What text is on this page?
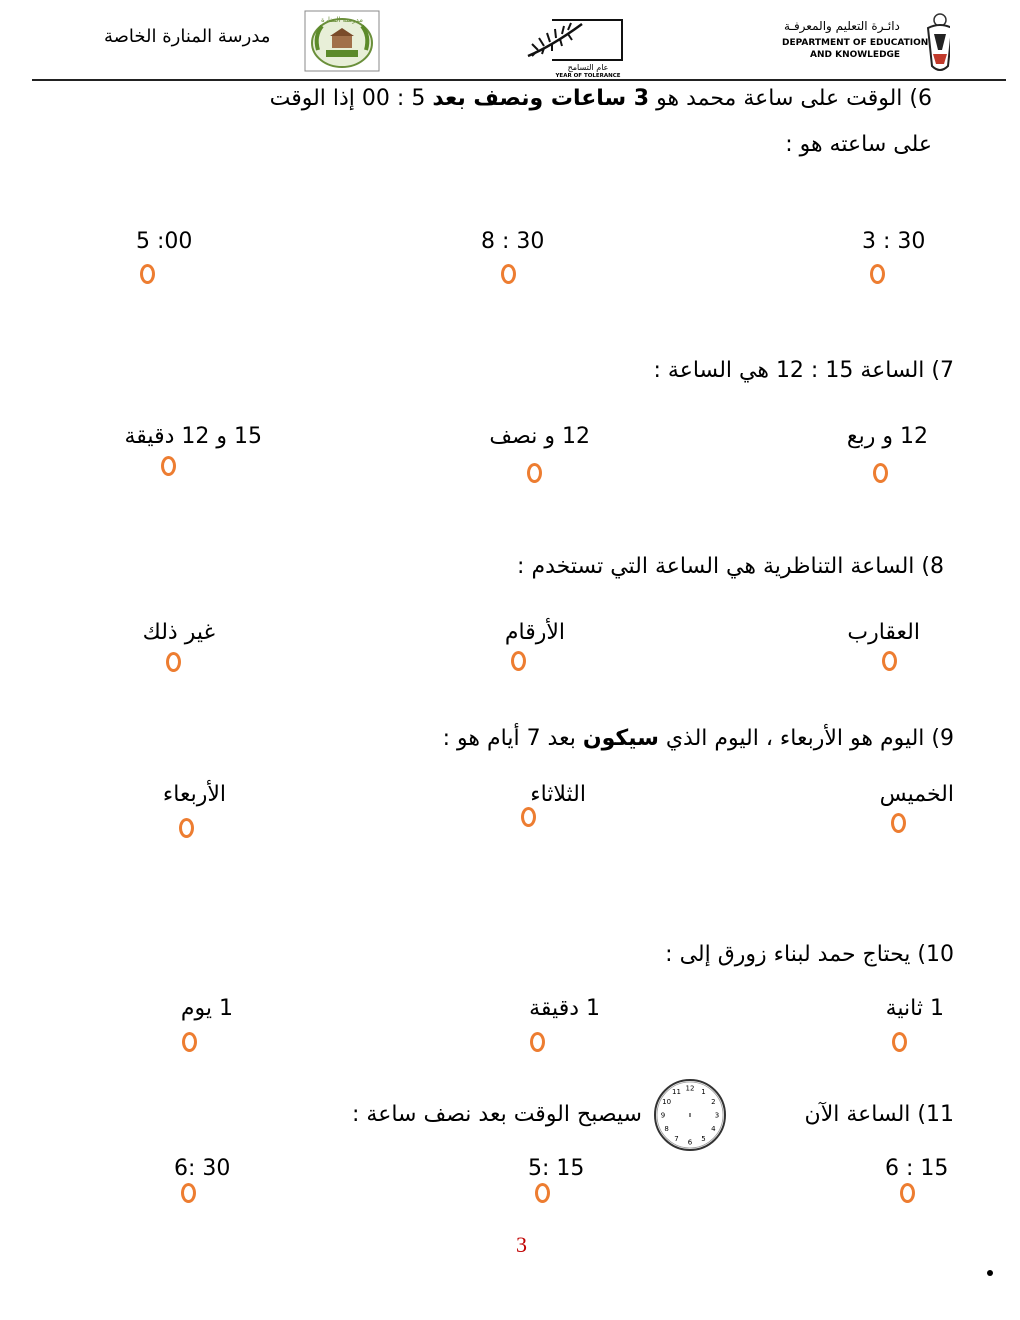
مدرسة المنارة الخاصة
مدرسة المنارة
عام التسامح
YEAR OF TOLERANCE
دائـرة التعليم والمعرفـة
DEPARTMENT OF EDUCATION
AND KNOWLEDGE
6) الوقت على ساعة محمد هو 3 ساعات ونصف بعد 5 : 00 إذا الوقت
على ساعته هو :
3 : 30
8 : 30
5 :00
7) الساعة 15 : 12 هي الساعة :
12 و ربع
12 و نصف
15 و 12 دقيقة
8) الساعة التناظرية هي الساعة التي تستخدم :
العقارب
الأرقام
غير ذلك
9) اليوم هو الأربعاء ، اليوم الذي سيكون بعد 7 أيام هو :
الخميس
الثلاثاء
الأربعاء
10) يحتاج حمد لبناء زورق إلى :
1 ثانية
1 دقيقة
1 يوم
11) الساعة الآن
12 1
2
3
4
5
6
7
8
9
10
11
سيصبح الوقت بعد نصف ساعة :
6 : 15
5: 15
6: 30
3
